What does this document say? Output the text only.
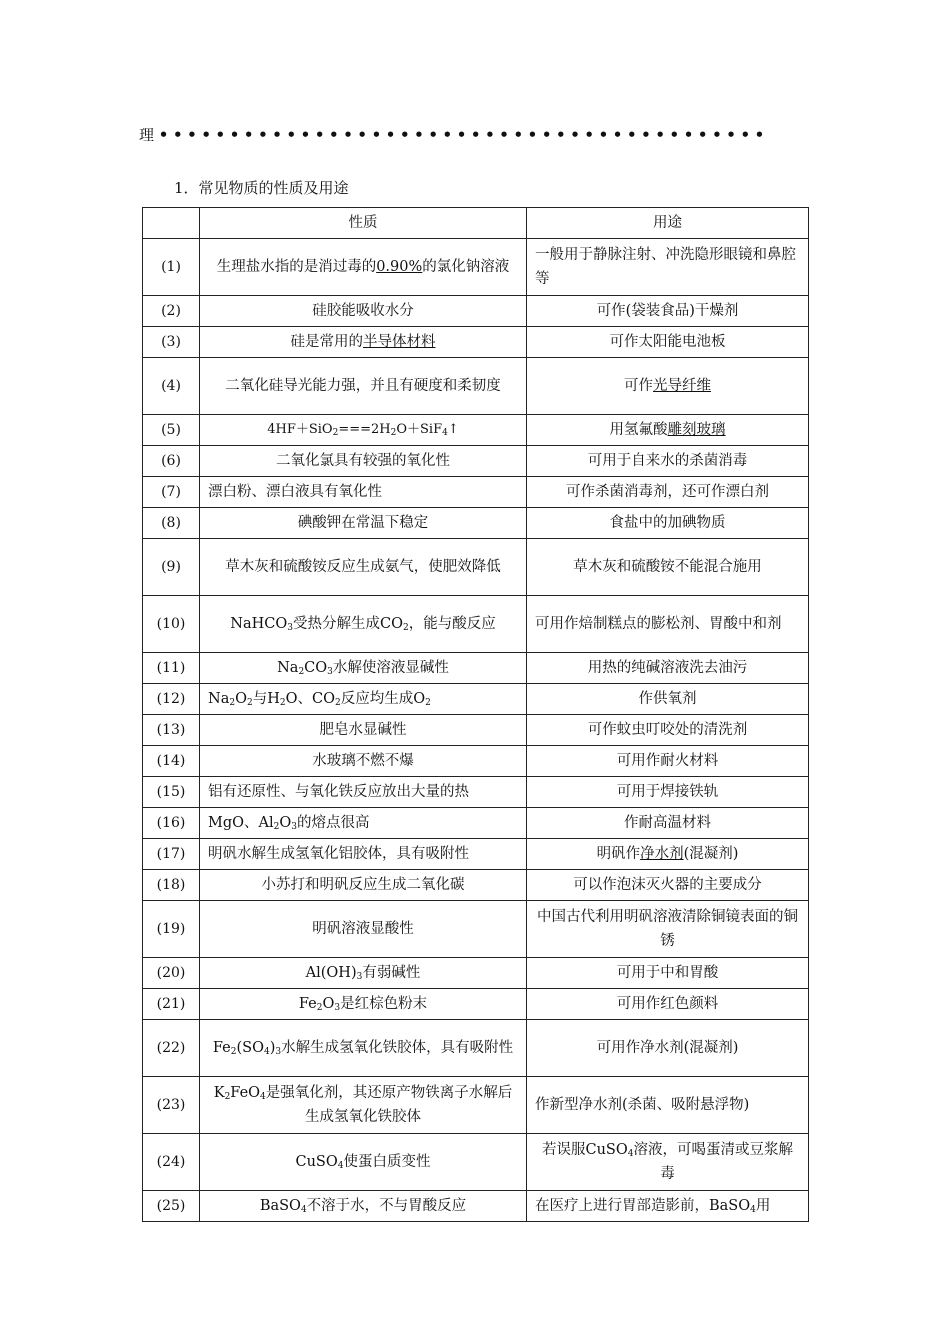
理 •••••••••••••••••••••••••••••••••••••••••••
1．常见物质的性质及用途
	性质	用途
(1)	生理盐水指的是消过毒的0.90%的氯化钠溶液	一般用于静脉注射、冲洗隐形眼镜和鼻腔等
(2)	硅胶能吸收水分	可作(袋装食品)干燥剂
(3)	硅是常用的半导体材料	可作太阳能电池板
(4)	二氧化硅导光能力强，并且有硬度和柔韧度	可作光导纤维
(5)	$4HF+SiO_2===2H_2O+SiF_4↑$	用氢氟酸雕刻玻璃
(6)	二氧化氯具有较强的氧化性	可用于自来水的杀菌消毒
(7)	漂白粉、漂白液具有氧化性	可作杀菌消毒剂，还可作漂白剂
(8)	碘酸钾在常温下稳定	食盐中的加碘物质
(9)	草木灰和硫酸铵反应生成氨气，使肥效降低	草木灰和硫酸铵不能混合施用
(10)	NaHCO$_3$受热分解生成$CO_2$，能与酸反应	可用作焙制糕点的膨松剂、胃酸中和剂
(11)	$Na_2CO_3$水解使溶液显碱性	用热的纯碱溶液洗去油污
(12)	$Na_2O_2$与$H_2O$、$CO_2$反应均生成$O_2$	作供氧剂
(13)	肥皂水显碱性	可作蚊虫叮咬处的清洗剂
(14)	水玻璃不燃不爆	可用作耐火材料
(15)	铝有还原性、与氧化铁反应放出大量的热	可用于焊接铁轨
(16)	MgO、$Al_2O_3$的熔点很高	作耐高温材料
(17)	明矾水解生成氢氧化铝胶体，具有吸附性	明矾作净水剂(混凝剂)
(18)	小苏打和明矾反应生成二氧化碳	可以作泡沫灭火器的主要成分
(19)	明矾溶液显酸性	中国古代利用明矾溶液清除铜镜表面的铜锈
(20)	$Al(OH)_3$有弱碱性	可用于中和胃酸
(21)	$Fe_2O_3$是红棕色粉末	可用作红色颜料
(22)	$Fe_2(SO_4)_3$水解生成氢氧化铁胶体，具有吸附性	可用作净水剂(混凝剂)
(23)	$K_2FeO_4$是强氧化剂，其还原产物铁离子水解后生成氢氧化铁胶体	作新型净水剂(杀菌、吸附悬浮物)
(24)	CuSO$_4$使蛋白质变性	若误服CuSO$_4$溶液，可喝蛋清或豆浆解毒
(25)	BaSO$_4$不溶于水，不与胃酸反应	在医疗上进行胃部造影前，BaSO$_4$用
